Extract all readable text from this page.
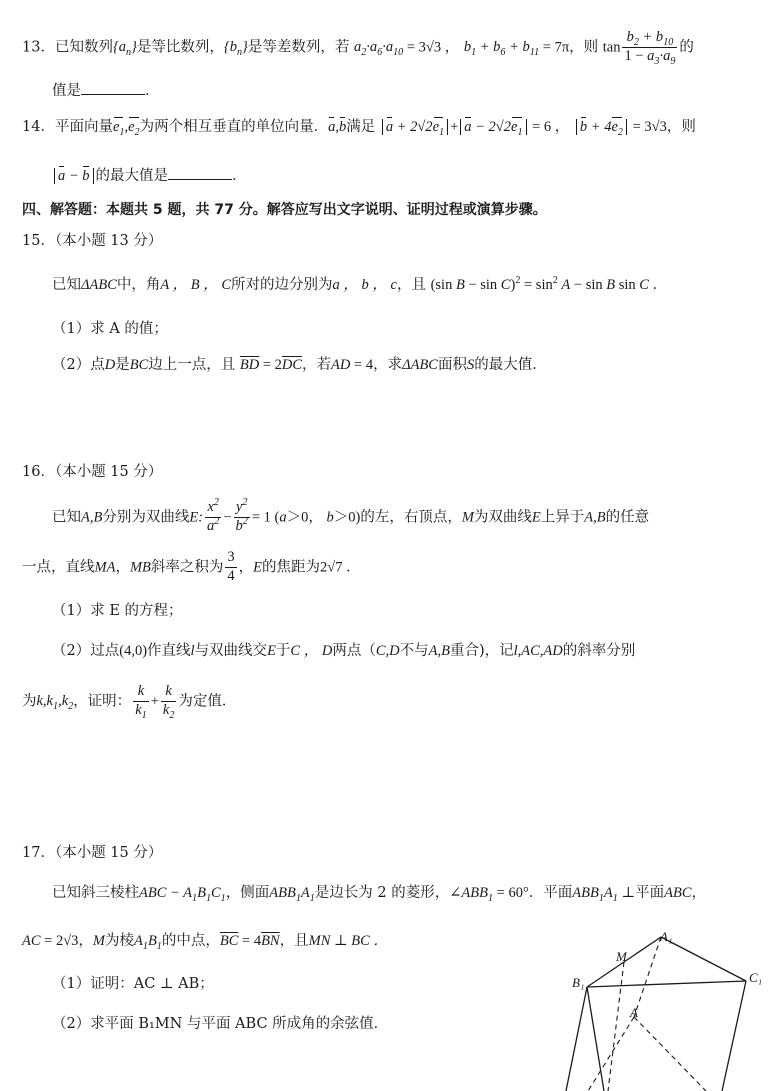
13．已知数列$\{a_n\}$是等比数列，$\{b_n\}$是等差数列，若 $a_2\cdot a_6\cdot a_{10} = 3√3$ ， $b_1 + b_6 + b_{11} = 7\pi$，则 $\tan \frac{b_2 + b_{10}}{1 - a_3\cdot a_9}$ 的
值是	．
14．平面向量$e_1,e_2$为两个相互垂直的单位向量．a,b满足 $a + 2√2e_1 + a - 2√2e_1 = 6$ ， $b + 4e_2 = 3√3$，则
a − b 的最大值是	．
四、解答题：本题共 5 题，共 77 分。解答应写出文字说明、证明过程或演算步骤。
15．（本小题 13 分）
已知ΔABC中，角A ， B ， C所对的边分别为a ， b ， c，且 (sin $B - \sin C)^2 = \sin^2 A - \sin B$ sin C ．
（1）求 A 的值；
（2）点D是BC边上一点，且 $\overline{BD} = 2\overline{DC}$，若AD = 4，求ΔABC面积S的最大值．
16．（本小题 15 分）
已知A,B分别为双曲线E: $\frac{x^2}{a^2} - \frac{y^2}{b^2} = 1$ (a＞0， b＞0)的左，右顶点，M为双曲线E上异于A,B的任意
一点，直线MA，MB斜率之积为 $\frac{3}{4}$ ，E的焦距为2√7 ．
（1）求 E 的方程；
（2）过点(4,0)作直线l与双曲线交E于C ， D两点（C,D不与A,B重合)，记l,AC,AD的斜率分别
为$k,k_1,k_2$，证明： $\frac{k}{k_1} + \frac{k}{k_2}$ 为定值．
17．（本小题 15 分）
已知斜三棱柱ABC − $A_1B_1C_1$，侧面$ABB_1A_1$是边长为 2 的菱形，$\angle ABB_1 = 60^\circ$．平面$ABB_1A_1$ ⊥平面ABC，
AC = 2√3，M为棱$A_1B_1$的中点，$\overline{BC} = 4\overline{BN}$，且MN ⊥ BC ．
（1）证明：AC ⊥ AB；
（2）求平面 B₁MN 与平面 ABC 所成角的余弦值．
A₁
M
B₁	C₁
A
